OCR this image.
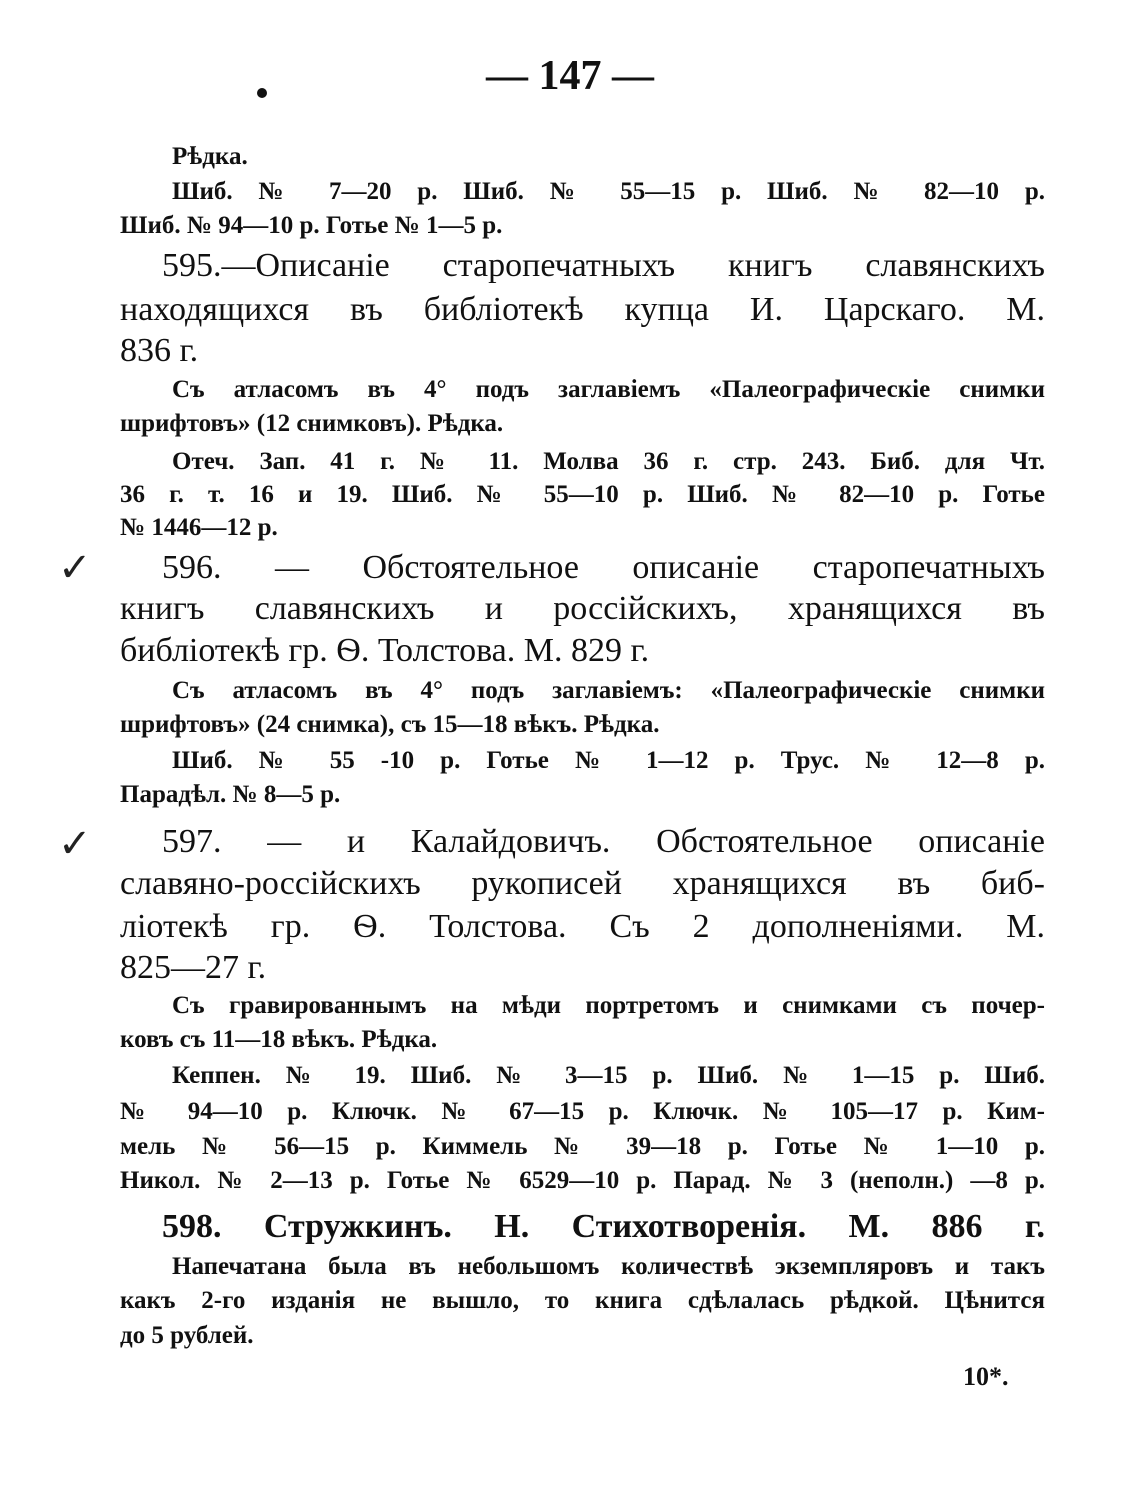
— 147 —
Рѣдка.
Шиб. № 7—20 р. Шиб. № 55—15 р. Шиб. № 82—10 р.
Шиб. № 94—10 р. Готье № 1—5 р.
595.—Описаніе старопечатныхъ книгъ славянскихъ
находящихся въ библіотекѣ купца И. Царскаго. М.
836 г.
Съ атласомъ въ 4° подъ заглавіемъ «Палеографическіе снимки
шрифтовъ» (12 снимковъ). Рѣдка.
Отеч. Зап. 41 г. № 11. Молва 36 г. стр. 243. Биб. для Чт.
36 г. т. 16 и 19. Шиб. № 55—10 р. Шиб. № 82—10 р. Готье
№ 1446—12 р.
✓ 596. — Обстоятельное описаніе старопечатныхъ
книгъ славянскихъ и россійскихъ, хранящихся въ
библіотекѣ гр. Ѳ. Толстова. М. 829 г.
Съ атласомъ въ 4° подъ заглавіемъ: «Палеографическіе снимки
шрифтовъ» (24 снимка), съ 15—18 вѣкъ. Рѣдка.
Шиб. № 55 -10 р. Готье № 1—12 р. Трус. № 12—8 р.
Парадѣл. № 8—5 р.
✓ 597. — и Калайдовичъ. Обстоятельное описаніе
славяно-россійскихъ рукописей хранящихся въ биб-
ліотекѣ гр. Ѳ. Толстова. Съ 2 дополненіями. М.
825—27 г.
Съ гравированнымъ на мѣди портретомъ и снимками съ почер-
ковъ съ 11—18 вѣкъ. Рѣдка.
Кеппен. № 19. Шиб. № 3—15 р. Шиб. № 1—15 р. Шиб.
№ 94—10 р. Ключк. № 67—15 р. Ключк. № 105—17 р. Ким-
мель № 56—15 р. Киммель № 39—18 р. Готье № 1—10 р.
Никол. № 2—13 р. Готье № 6529—10 р. Парад. № 3 (неполн.) —8 р.
598. Стружкинъ. Н. Стихотворенія. М. 886 г.
Напечатана была въ небольшомъ количествѣ экземпляровъ и такъ
какъ 2-го изданія не вышло, то книга сдѣлалась рѣдкой. Цѣнится
до 5 рублей.
10*.
